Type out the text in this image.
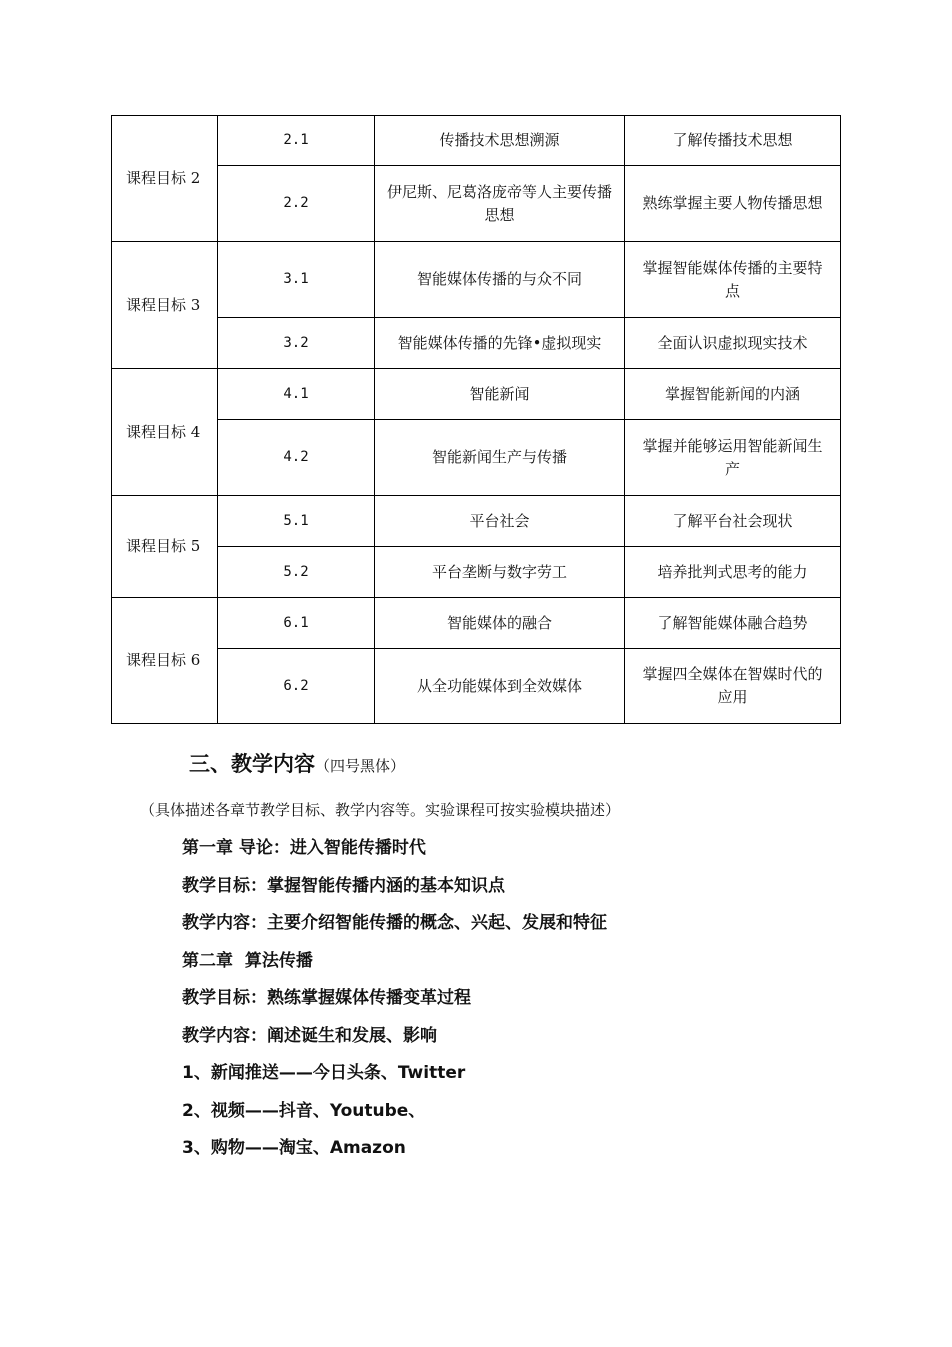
课程目标 2	2.1	传播技术思想溯源	了解传播技术思想
	2.2	伊尼斯、尼葛洛庞帝等人主要传播思想	熟练掌握主要人物传播思想
课程目标 3	3.1	智能媒体传播的与众不同	掌握智能媒体传播的主要特点
	3.2	智能媒体传播的先锋•虚拟现实	全面认识虚拟现实技术
课程目标 4	4.1	智能新闻	掌握智能新闻的内涵
	4.2	智能新闻生产与传播	掌握并能够运用智能新闻生产
课程目标 5	5.1	平台社会	了解平台社会现状
	5.2	平台垄断与数字劳工	培养批判式思考的能力
课程目标 6	6.1	智能媒体的融合	了解智能媒体融合趋势
	6.2	从全功能媒体到全效媒体	掌握四全媒体在智媒时代的应用
三、教学内容（四号黑体）
（具体描述各章节教学目标、教学内容等。实验课程可按实验模块描述）
第一章 导论：进入智能传播时代
教学目标：掌握智能传播内涵的基本知识点
教学内容：主要介绍智能传播的概念、兴起、发展和特征
第二章  算法传播
教学目标：熟练掌握媒体传播变革过程
教学内容：阐述诞生和发展、影响
1、新闻推送——今日头条、Twitter
2、视频——抖音、Youtube、
3、购物——淘宝、Amazon
